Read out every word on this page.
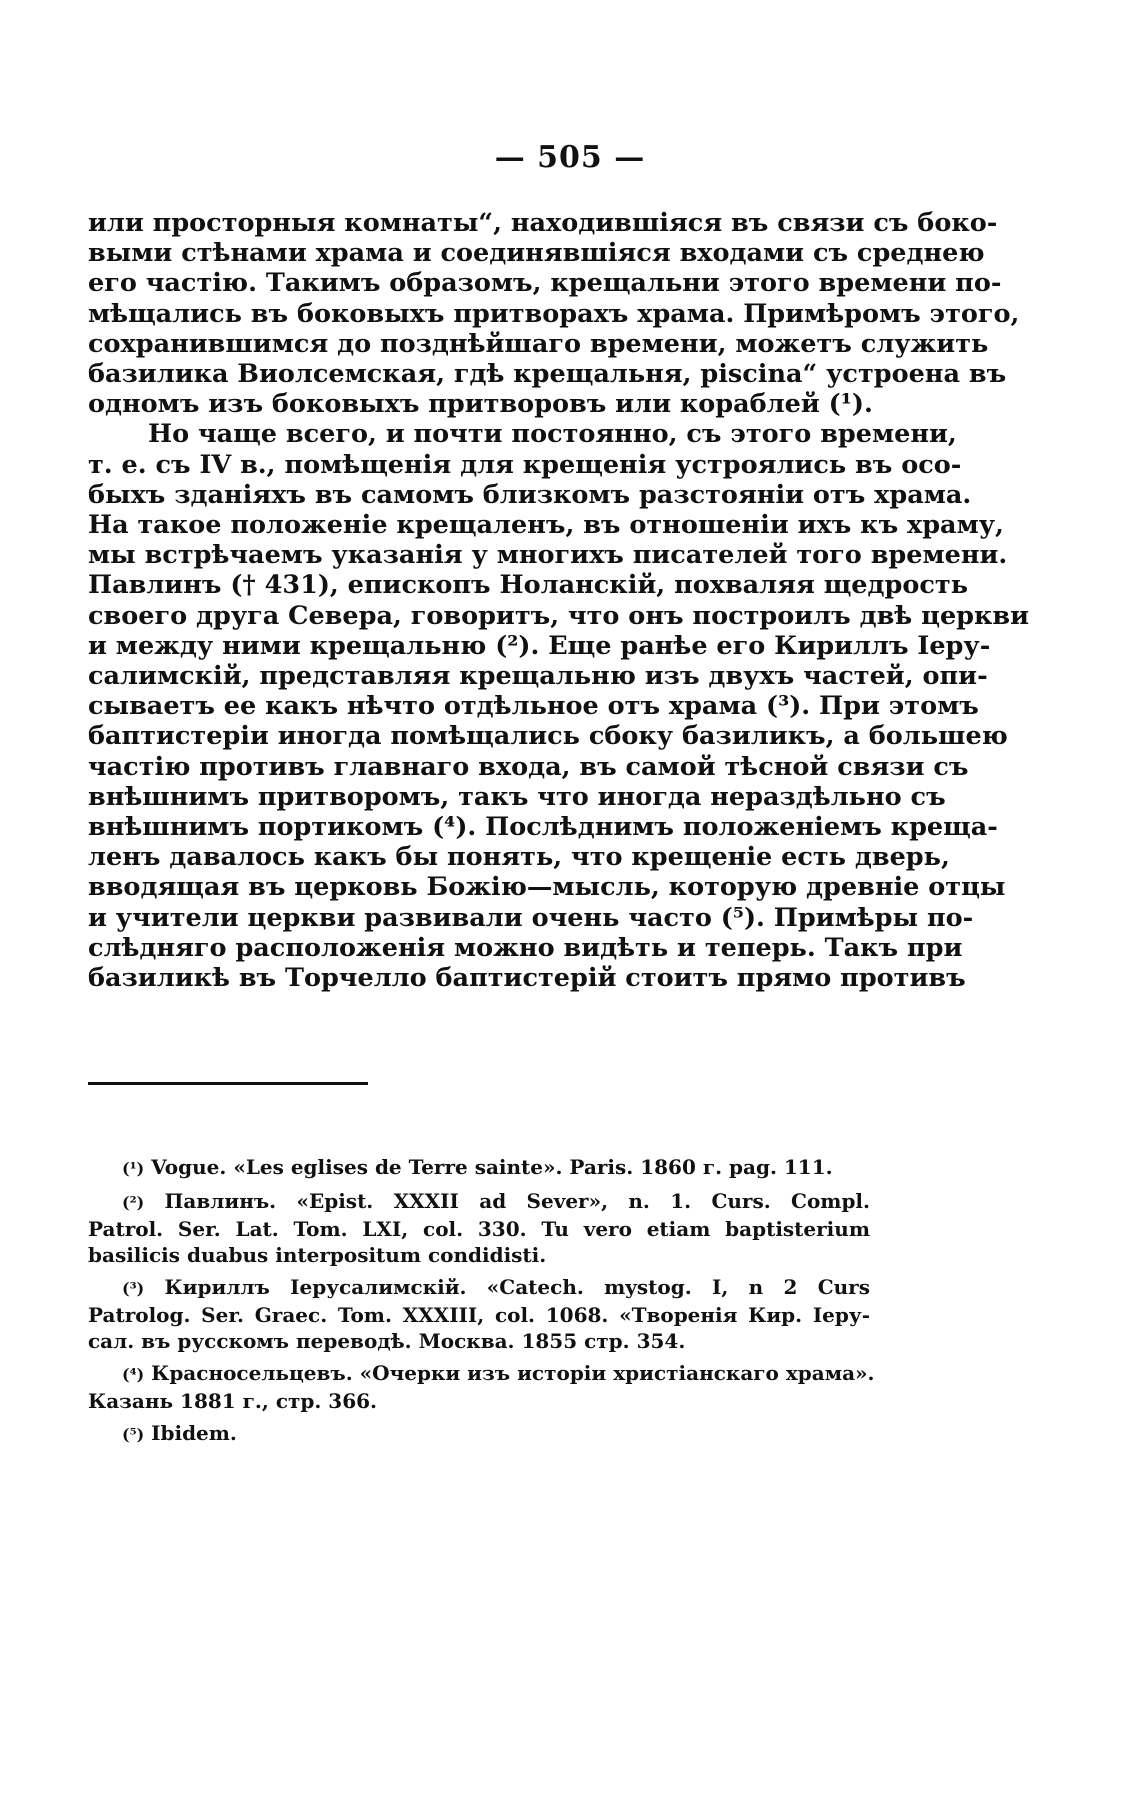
— 505 —

или просторныя комнаты“, находившіяся въ связи съ боко-
выми стѣнами храма и соединявшіяся входами съ среднею
его частію. Такимъ образомъ, крещальни этого времени по-
мѣщались въ боковыхъ притворахъ храма. Примѣромъ этого,
сохранившимся до позднѣйшаго времени, можетъ служить
базилика Виолсемская, гдѣ крещальня, piscina“ устроена въ
одномъ изъ боковыхъ притворовъ или кораблей (¹).

Но чаще всего, и почти постоянно, съ этого времени,
т. е. съ IV в., помѣщенія для крещенія устроялись въ осо-
быхъ зданіяхъ въ самомъ близкомъ разстояніи отъ храма.
На такое положеніе крещаленъ, въ отношеніи ихъ къ храму,
мы встрѣчаемъ указанія у многихъ писателей того времени.
Павлинъ († 431), епископъ Ноланскій, похваляя щедрость
своего друга Севера, говоритъ, что онъ построилъ двѣ церкви
и между ними крещальню (²). Еще ранѣе его Кириллъ Іеру-
салимскій, представляя крещальню изъ двухъ частей, опи-
сываетъ ее какъ нѣчто отдѣльное отъ храма (³). При этомъ
баптистеріи иногда помѣщались сбоку базиликъ, а большею
частію противъ главнаго входа, въ самой тѣсной связи съ
внѣшнимъ притворомъ, такъ что иногда нераздѣльно съ
внѣшнимъ портикомъ (⁴). Послѣднимъ положеніемъ крещa-
ленъ давалось какъ бы понять, что крещеніе есть дверь,
вводящая въ церковь Божію—мысль, которую древніе отцы
и учители церкви развивали очень часто (⁵). Примѣры по-
слѣдняго расположенія можно видѣть и теперь. Такъ при
базиликѣ въ Торчелло баптистерій стоитъ прямо противъ

(¹) Vogue. «Les eglises de Terre sainte». Paris. 1860 г. pag. 111.
(²) Павлинъ. «Epist. XXXII ad Sever», n. 1. Curs. Compl.
Patrol. Ser. Lat. Tom. LXI, col. 330. Tu vero etiam baptisterium
basilicis duabus interpositum condidisti.
(³) Кириллъ Іерусалимскій. «Catech. mystog. I, n 2 Curs
Patrolog. Ser. Graec. Tom. XXXIII, col. 1068. «Творенія Кир. Іеру-
сал. въ русскомъ переводѣ. Москва. 1855 стр. 354.
(⁴) Красносельцевъ. «Очерки изъ исторіи христіанскаго храма».
Казань 1881 г., стр. 366.
(⁵) Ibidem.
